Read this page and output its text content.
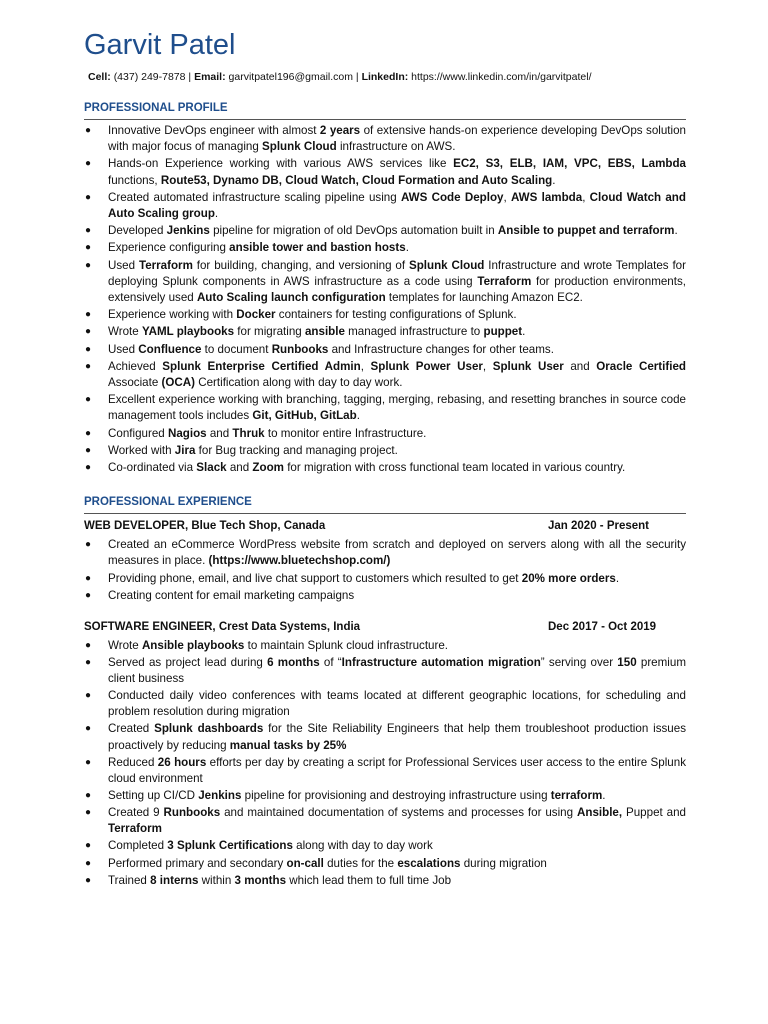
Garvit Patel
Cell: (437) 249-7878 | Email: garvitpatel196@gmail.com | LinkedIn: https://www.linkedin.com/in/garvitpatel/
PROFESSIONAL PROFILE
● Innovative DevOps engineer with almost 2 years of extensive hands-on experience developing DevOps solution with major focus of managing Splunk Cloud infrastructure on AWS.
● Hands-on Experience working with various AWS services like EC2, S3, ELB, IAM, VPC, EBS, Lambda functions, Route53, Dynamo DB, Cloud Watch, Cloud Formation and Auto Scaling.
● Created automated infrastructure scaling pipeline using AWS Code Deploy, AWS lambda, Cloud Watch and Auto Scaling group.
● Developed Jenkins pipeline for migration of old DevOps automation built in Ansible to puppet and terraform.
● Experience configuring ansible tower and bastion hosts.
● Used Terraform for building, changing, and versioning of Splunk Cloud Infrastructure and wrote Templates for deploying Splunk components in AWS infrastructure as a code using Terraform for production environments, extensively used Auto Scaling launch configuration templates for launching Amazon EC2.
● Experience working with Docker containers for testing configurations of Splunk.
● Wrote YAML playbooks for migrating ansible managed infrastructure to puppet.
● Used Confluence to document Runbooks and Infrastructure changes for other teams.
● Achieved Splunk Enterprise Certified Admin, Splunk Power User, Splunk User and Oracle Certified Associate (OCA) Certification along with day to day work.
● Excellent experience working with branching, tagging, merging, rebasing, and resetting branches in source code management tools includes Git, GitHub, GitLab.
● Configured Nagios and Thruk to monitor entire Infrastructure.
● Worked with Jira for Bug tracking and managing project.
● Co-ordinated via Slack and Zoom for migration with cross functional team located in various country.
PROFESSIONAL EXPERIENCE
WEB DEVELOPER, Blue Tech Shop, Canada	Jan 2020 - Present
● Created an eCommerce WordPress website from scratch and deployed on servers along with all the security measures in place. (https://www.bluetechshop.com/)
● Providing phone, email, and live chat support to customers which resulted to get 20% more orders.
● Creating content for email marketing campaigns
SOFTWARE ENGINEER, Crest Data Systems, India	Dec 2017 - Oct 2019
● Wrote Ansible playbooks to maintain Splunk cloud infrastructure.
● Served as project lead during 6 months of “Infrastructure automation migration” serving over 150 premium client business
● Conducted daily video conferences with teams located at different geographic locations, for scheduling and problem resolution during migration
● Created Splunk dashboards for the Site Reliability Engineers that help them troubleshoot production issues proactively by reducing manual tasks by 25%
● Reduced 26 hours efforts per day by creating a script for Professional Services user access to the entire Splunk cloud environment
● Setting up CI/CD Jenkins pipeline for provisioning and destroying infrastructure using terraform.
● Created 9 Runbooks and maintained documentation of systems and processes for using Ansible, Puppet and Terraform
● Completed 3 Splunk Certifications along with day to day work
● Performed primary and secondary on-call duties for the escalations during migration
● Trained 8 interns within 3 months which lead them to full time Job
